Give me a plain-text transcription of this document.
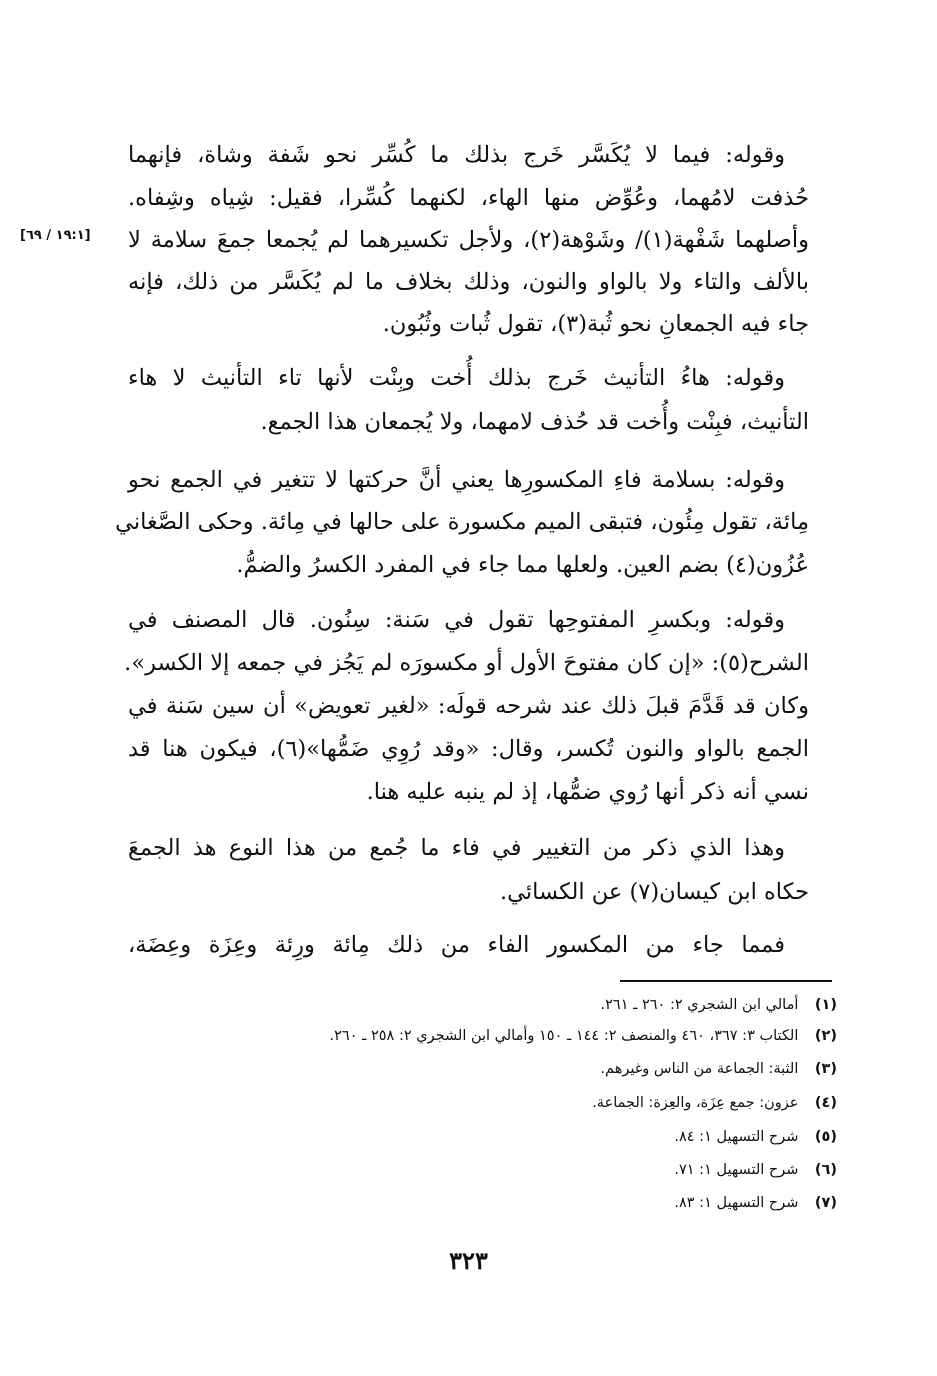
وقوله: فيما لا يُكَسَّر خَرج بذلك ما كُسِّر نحو شَفة وشاة، فإنهما
حُذفت لامُهما، وعُوِّض منها الهاء، لكنهما كُسِّرا، فقيل: شِياه وشِفاه.
وأصلهما شَفْهة(١)/ وشَوْهة(٢)، ولأجل تكسيرهما لم يُجمعا جمعَ سلامة لا
بالألف والتاء ولا بالواو والنون، وذلك بخلاف ما لم يُكَسَّر من ذلك، فإنه
جاء فيه الجمعانِ نحو ثُبة(٣)، تقول ثُبات وثُبُون.
[١٩:١ / ٦٩]
وقوله: هاءُ التأنيث خَرج بذلك أُخت وبِنْت لأنها تاء التأنيث لا هاء
التأنيث، فبِنْت وأُخت قد حُذف لامهما، ولا يُجمعان هذا الجمع.
وقوله: بسلامة فاءِ المكسورِها يعني أنَّ حركتها لا تتغير في الجمع نحو
مِائة، تقول مِئُون، فتبقى الميم مكسورة على حالها في مِائة. وحكى الصَّغاني
عُزُون(٤) بضم العين. ولعلها مما جاء في المفرد الكسرُ والضمُّ.
وقوله: وبكسرِ المفتوحِها تقول في سَنة: سِنُون. قال المصنف في
الشرح(٥): «إن كان مفتوحَ الأول أو مكسورَه لم يَجُز في جمعه إلا الكسر».
وكان قد قَدَّمَ قبلَ ذلك عند شرحه قولَه: «لغير تعويض» أن سين سَنة في
الجمع بالواو والنون تُكسر، وقال: «وقد رُوِي ضَمُّها»(٦)، فيكون هنا قد
نسي أنه ذكر أنها رُوي ضمُّها، إذ لم ينبه عليه هنا.
وهذا الذي ذكر من التغيير في فاء ما جُمع من هذا النوع هذ الجمعَ
حكاه ابن كيسان(٧) عن الكسائي.
فمما جاء من المكسور الفاء من ذلك مِائة ورِئة وعِزَة وعِضَة،
(١) أمالي ابن الشجري ٢: ٢٦٠ ـ ٢٦١.
(٢) الكتاب ٣: ٣٦٧، ٤٦٠ والمنصف ٢: ١٤٤ ـ ١٥٠ وأمالي ابن الشجري ٢: ٢٥٨ ـ ٢٦٠.
(٣) الثبة: الجماعة من الناس وغيرهم.
(٤) عزون: جمع عِزَة، والعِزة: الجماعة.
(٥) شرح التسهيل ١: ٨٤.
(٦) شرح التسهيل ١: ٧١.
(٧) شرح التسهيل ١: ٨٣.
٣٢٣
